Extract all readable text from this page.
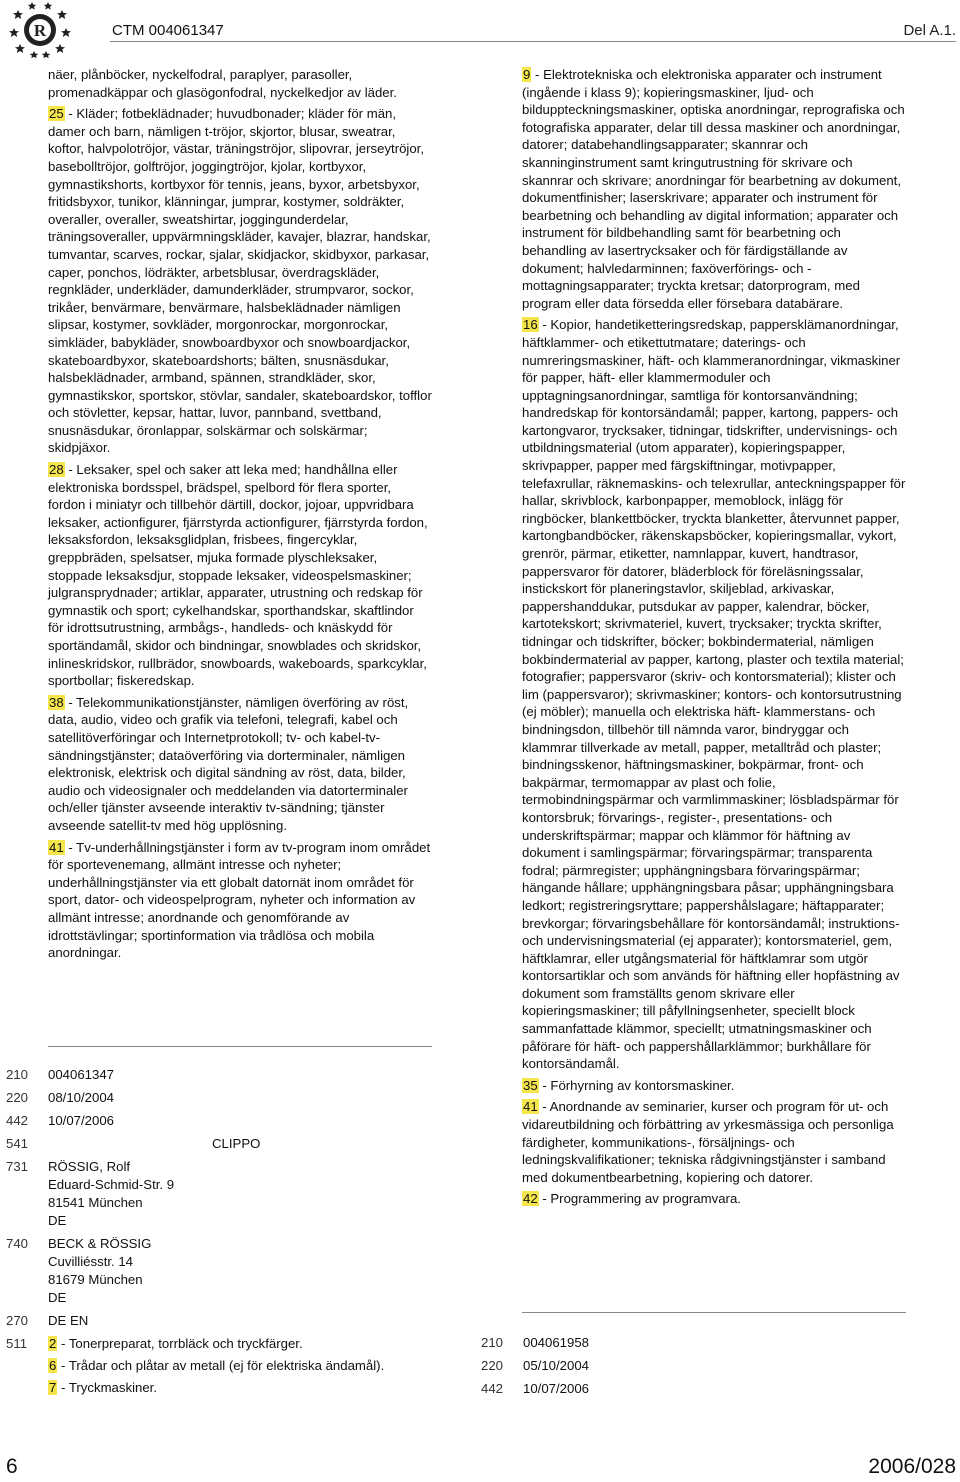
R	CTM 004061347	Del A.1.

näer, plånböcker, nyckelfodral, paraplyer, parasoller, promenadkäppar och glasögonfodral, nyckelkedjor av läder.

25 - Kläder; fotbeklädnader; huvudbonader; kläder för män, damer och barn, nämligen t-tröjor, skjortor, blusar, sweatrar, koftor, halvpolotröjor, västar, träningströjor, slipovrar, jerseytröjor, basebolltröjor, golftröjor, joggingtröjor, kjolar, kortbyxor, gymnastikshorts, kortbyxor för tennis, jeans, byxor, arbetsbyxor, fritidsbyxor, tunikor, klänningar, jumprar, kostymer, soldräkter, overaller, overaller, sweatshirtar, joggingunderdelar, träningsoveraller, uppvärmningskläder, kavajer, blazrar, handskar, tumvantar, scarves, rockar, sjalar, skidjackor, skidbyxor, parkasar, caper, ponchos, lödräkter, arbetsblusar, överdragskläder, regnkläder, underkläder, damunderkläder, strumpvaror, sockor, trikåer, benvärmare, benvärmare, halsbeklädnader nämligen slipsar, kostymer, sovkläder, morgonrockar, morgonrockar, simkläder, babykläder, snowboardbyxor och snowboardjackor, skateboardbyxor, skateboardshorts; bälten, snusnäsdukar, halsbeklädnader, armband, spännen, strandkläder, skor, gymnastikskor, sportskor, stövlar, sandaler, skateboardskor, tofflor och stövletter, kepsar, hattar, luvor, pannband, svettband, snusnäsdukar, öronlappar, solskärmar och solskärmar; skidpjäxor.

28 - Leksaker, spel och saker att leka med; handhållna eller elektroniska bordsspel, brädspel, spelbord för flera sporter, fordon i miniatyr och tillbehör därtill, dockor, jojoar, uppvridbara leksaker, actionfigurer, fjärrstyrda actionfigurer, fjärrstyrda fordon, leksaksfordon, leksaksglidplan, frisbees, fingercyklar, greppbräden, spelsatser, mjuka formade plyschleksaker, stoppade leksaksdjur, stoppade leksaker, videospelsmaskiner; julgransprydnader; artiklar, apparater, utrustning och redskap för gymnastik och sport; cykelhandskar, sporthandskar, skaftlindor för idrottsutrustning, armbågs-, handleds- och knäskydd för sportändamål, skidor och bindningar, snowblades och skridskor, inlineskridskor, rullbrädor, snowboards, wakeboards, sparkcyklar, sportbollar; fiskeredskap.

38 - Telekommunikationstjänster, nämligen överföring av röst, data, audio, video och grafik via telefoni, telegrafi, kabel och satellitöverföringar och Internetprotokoll; tv- och kabel-tv-sändningstjänster; dataöverföring via dorterminaler, nämligen elektronisk, elektrisk och digital sändning av röst, data, bilder, audio och videosignaler och meddelanden via datorterminaler och/eller tjänster avseende interaktiv tv-sändning; tjänster avseende satellit-tv med hög upplösning.

41 - Tv-underhållningstjänster i form av tv-program inom området för sportevenemang, allmänt intresse och nyheter; underhållningstjänster via ett globalt datornät inom området för sport, dator- och videospelprogram, nyheter och information av allmänt intresse; anordnande och genomförande av idrottstävlingar; sportinformation via trådlösa och mobila anordningar.

210	004061347
220	08/10/2004
442	10/07/2006
541	CLIPPO
731	RÖSSIG, Rolf
Eduard-Schmid-Str. 9
81541 München
DE
740	BECK & RÖSSIG
Cuvilliésstr. 14
81679 München
DE
270	DE EN
511	2 - Tonerpreparat, torrbläck och tryckfärger.
6 - Trådar och plåtar av metall (ej för elektriska ändamål).
7 - Tryckmaskiner.

9 - Elektrotekniska och elektroniska apparater och instrument (ingående i klass 9); kopieringsmaskiner, ljud- och bilduppteckningsmaskiner, optiska anordningar, reprografiska och fotografiska apparater, delar till dessa maskiner och anordningar, datorer; databehandlingsapparater; skannrar och skanninginstrument samt kringutrustning för skrivare och skannrar och skrivare; anordningar för bearbetning av dokument, dokumentfinisher; laserskrivare; apparater och instrument för bearbetning och behandling av digital information; apparater och instrument för bildbehandling samt för bearbetning och behandling av lasertrycksaker och för färdigställande av dokument; halvledarminnen; faxöverförings- och -mottagningsapparater; tryckta kretsar; datorprogram, med program eller data försedda eller försebara databärare.

16 - Kopior, handetiketteringsredskap, pappersklämanordningar, häftklammer- och etikettutmatare; daterings- och numreringsmaskiner, häft- och klammeranordningar, vikmaskiner för papper, häft- eller klammermoduler och upptagningsanordningar, samtliga för kontorsanvändning; handredskap för kontorsändamål; papper, kartong, pappers- och kartongvaror, trycksaker, tidningar, tidskrifter, undervisnings- och utbildningsmaterial (utom apparater), kopieringspapper, skrivpapper, papper med färgskiftningar, motivpapper, telefaxrullar, räknemaskins- och telexrullar, anteckningspapper för hallar, skrivblock, karbonpapper, memoblock, inlägg för ringböcker, blankettböcker, tryckta blanketter, återvunnet papper, kartongbandböcker, räkenskapsböcker, kopieringsmallar, vykort, grenrör, pärmar, etiketter, namnlappar, kuvert, handtrasor, pappersvaror för datorer, bläderblock för föreläsningssalar, instickskort för planeringstavlor, skiljeblad, arkivaskar, pappershanddukar, putsdukar av papper, kalendrar, böcker, kartotekskort; skrivmateriel, kuvert, trycksaker; tryckta skrifter, tidningar och tidskrifter, böcker; bokbindermaterial, nämligen bokbindermaterial av papper, kartong, plaster och textila material; fotografier; pappersvaror (skriv- och kontorsmaterial); klister och lim (pappersvaror); skrivmaskiner; kontors- och kontorsutrustning (ej möbler); manuella och elektriska häft- klammerstans- och bindningsdon, tillbehör till nämnda varor, bindryggar och klammrar tillverkade av metall, papper, metalltråd och plaster; bindningsskenor, häftningsmaskiner, bokpärmar, front- och bakpärmar, termomappar av plast och folie, termobindningspärmar och varmlimmaskiner; lösbladspärmar för kontorsbruk; förvarings-, register-, presentations- och underskriftspärmar; mappar och klämmor för häftning av dokument i samlingspärmar; förvaringspärmar; transparenta fodral; pärmregister; upphängningsbara förvaringspärmar; hängande hållare; upphängningsbara påsar; upphängningsbara ledkort; registreringsryttare; pappershålslagare; häftapparater; brevkorgar; förvaringsbehållare för kontorsändamål; instruktions- och undervisningsmaterial (ej apparater); kontorsmateriel, gem, häftklamrar, eller utgångsmaterial för häftklamrar som utgör kontorsartiklar och som används för häftning eller hopfästning av dokument som framställts genom skrivare eller kopieringsmaskiner; till påfyllningsenheter, speciellt block sammanfattade klämmor, speciellt; utmatningsmaskiner och påförare för häft- och pappershållarklämmor; burkhållare för kontorsändamål.

35 - Förhyrning av kontorsmaskiner.

41 - Anordnande av seminarier, kurser och program för ut- och vidareutbildning och förbättring av yrkesmässiga och personliga färdigheter, kommunikations-, försäljnings- och ledningskvalifikationer; tekniska rådgivningstjänster i samband med dokumentbearbetning, kopiering och datorer.

42 - Programmering av programvara.

210	004061958
220	05/10/2004
442	10/07/2006
6	2006/028
